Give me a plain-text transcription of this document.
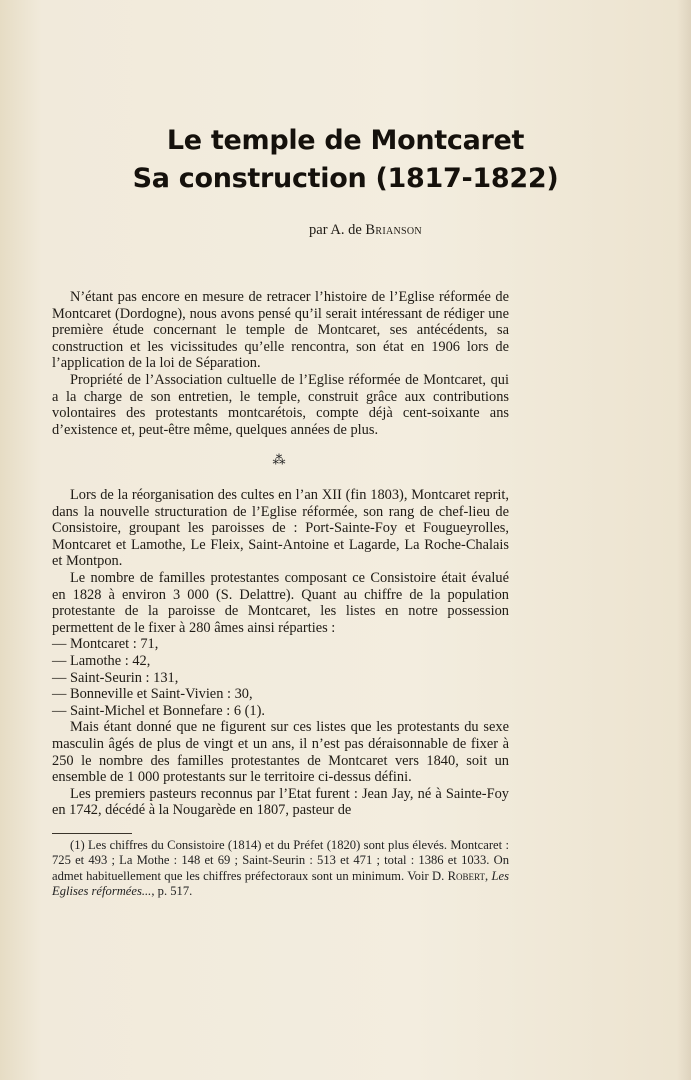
Le temple de Montcaret
Sa construction (1817-1822)
par A. de Brianson

N’étant pas encore en mesure de retracer l’histoire de l’Eglise réformée de Montcaret (Dordogne), nous avons pensé qu’il serait intéressant de rédiger une première étude concernant le temple de Montcaret, ses antécédents, sa construction et les vicissitudes qu’elle rencontra, son état en 1906 lors de l’application de la loi de Séparation.

Propriété de l’Association cultuelle de l’Eglise réformée de Montcaret, qui a la charge de son entretien, le temple, construit grâce aux contributions volontaires des protestants montcarétois, compte déjà cent-soixante ans d’existence et, peut-être même, quelques années de plus.

⁂

Lors de la réorganisation des cultes en l’an XII (fin 1803), Montcaret reprit, dans la nouvelle structuration de l’Eglise réformée, son rang de chef-lieu de Consistoire, groupant les paroisses de : Port-Sainte-Foy et Fougueyrolles, Montcaret et Lamothe, Le Fleix, Saint-Antoine et Lagarde, La Roche-Chalais et Montpon.

Le nombre de familles protestantes composant ce Consistoire était évalué en 1828 à environ 3 000 (S. Delattre). Quant au chiffre de la population protestante de la paroisse de Montcaret, les listes en notre possession permettent de le fixer à 280 âmes ainsi réparties :

— Montcaret : 71,

— Lamothe : 42,

— Saint-Seurin : 131,

— Bonneville et Saint-Vivien : 30,

— Saint-Michel et Bonnefare : 6 (1).

Mais étant donné que ne figurent sur ces listes que les protestants du sexe masculin âgés de plus de vingt et un ans, il n’est pas déraisonnable de fixer à 250 le nombre des familles protestantes de Montcaret vers 1840, soit un ensemble de 1 000 protestants sur le territoire ci-dessus défini.

Les premiers pasteurs reconnus par l’Etat furent : Jean Jay, né à Sainte-Foy en 1742, décédé à la Nougarède en 1807, pasteur de

(1) Les chiffres du Consistoire (1814) et du Préfet (1820) sont plus élevés. Montcaret : 725 et 493 ; La Mothe : 148 et 69 ; Saint-Seurin : 513 et 471 ; total : 1386 et 1033. On admet habituellement que les chiffres préfectoraux sont un minimum. Voir D. Robert, Les Eglises réformées..., p. 517.
